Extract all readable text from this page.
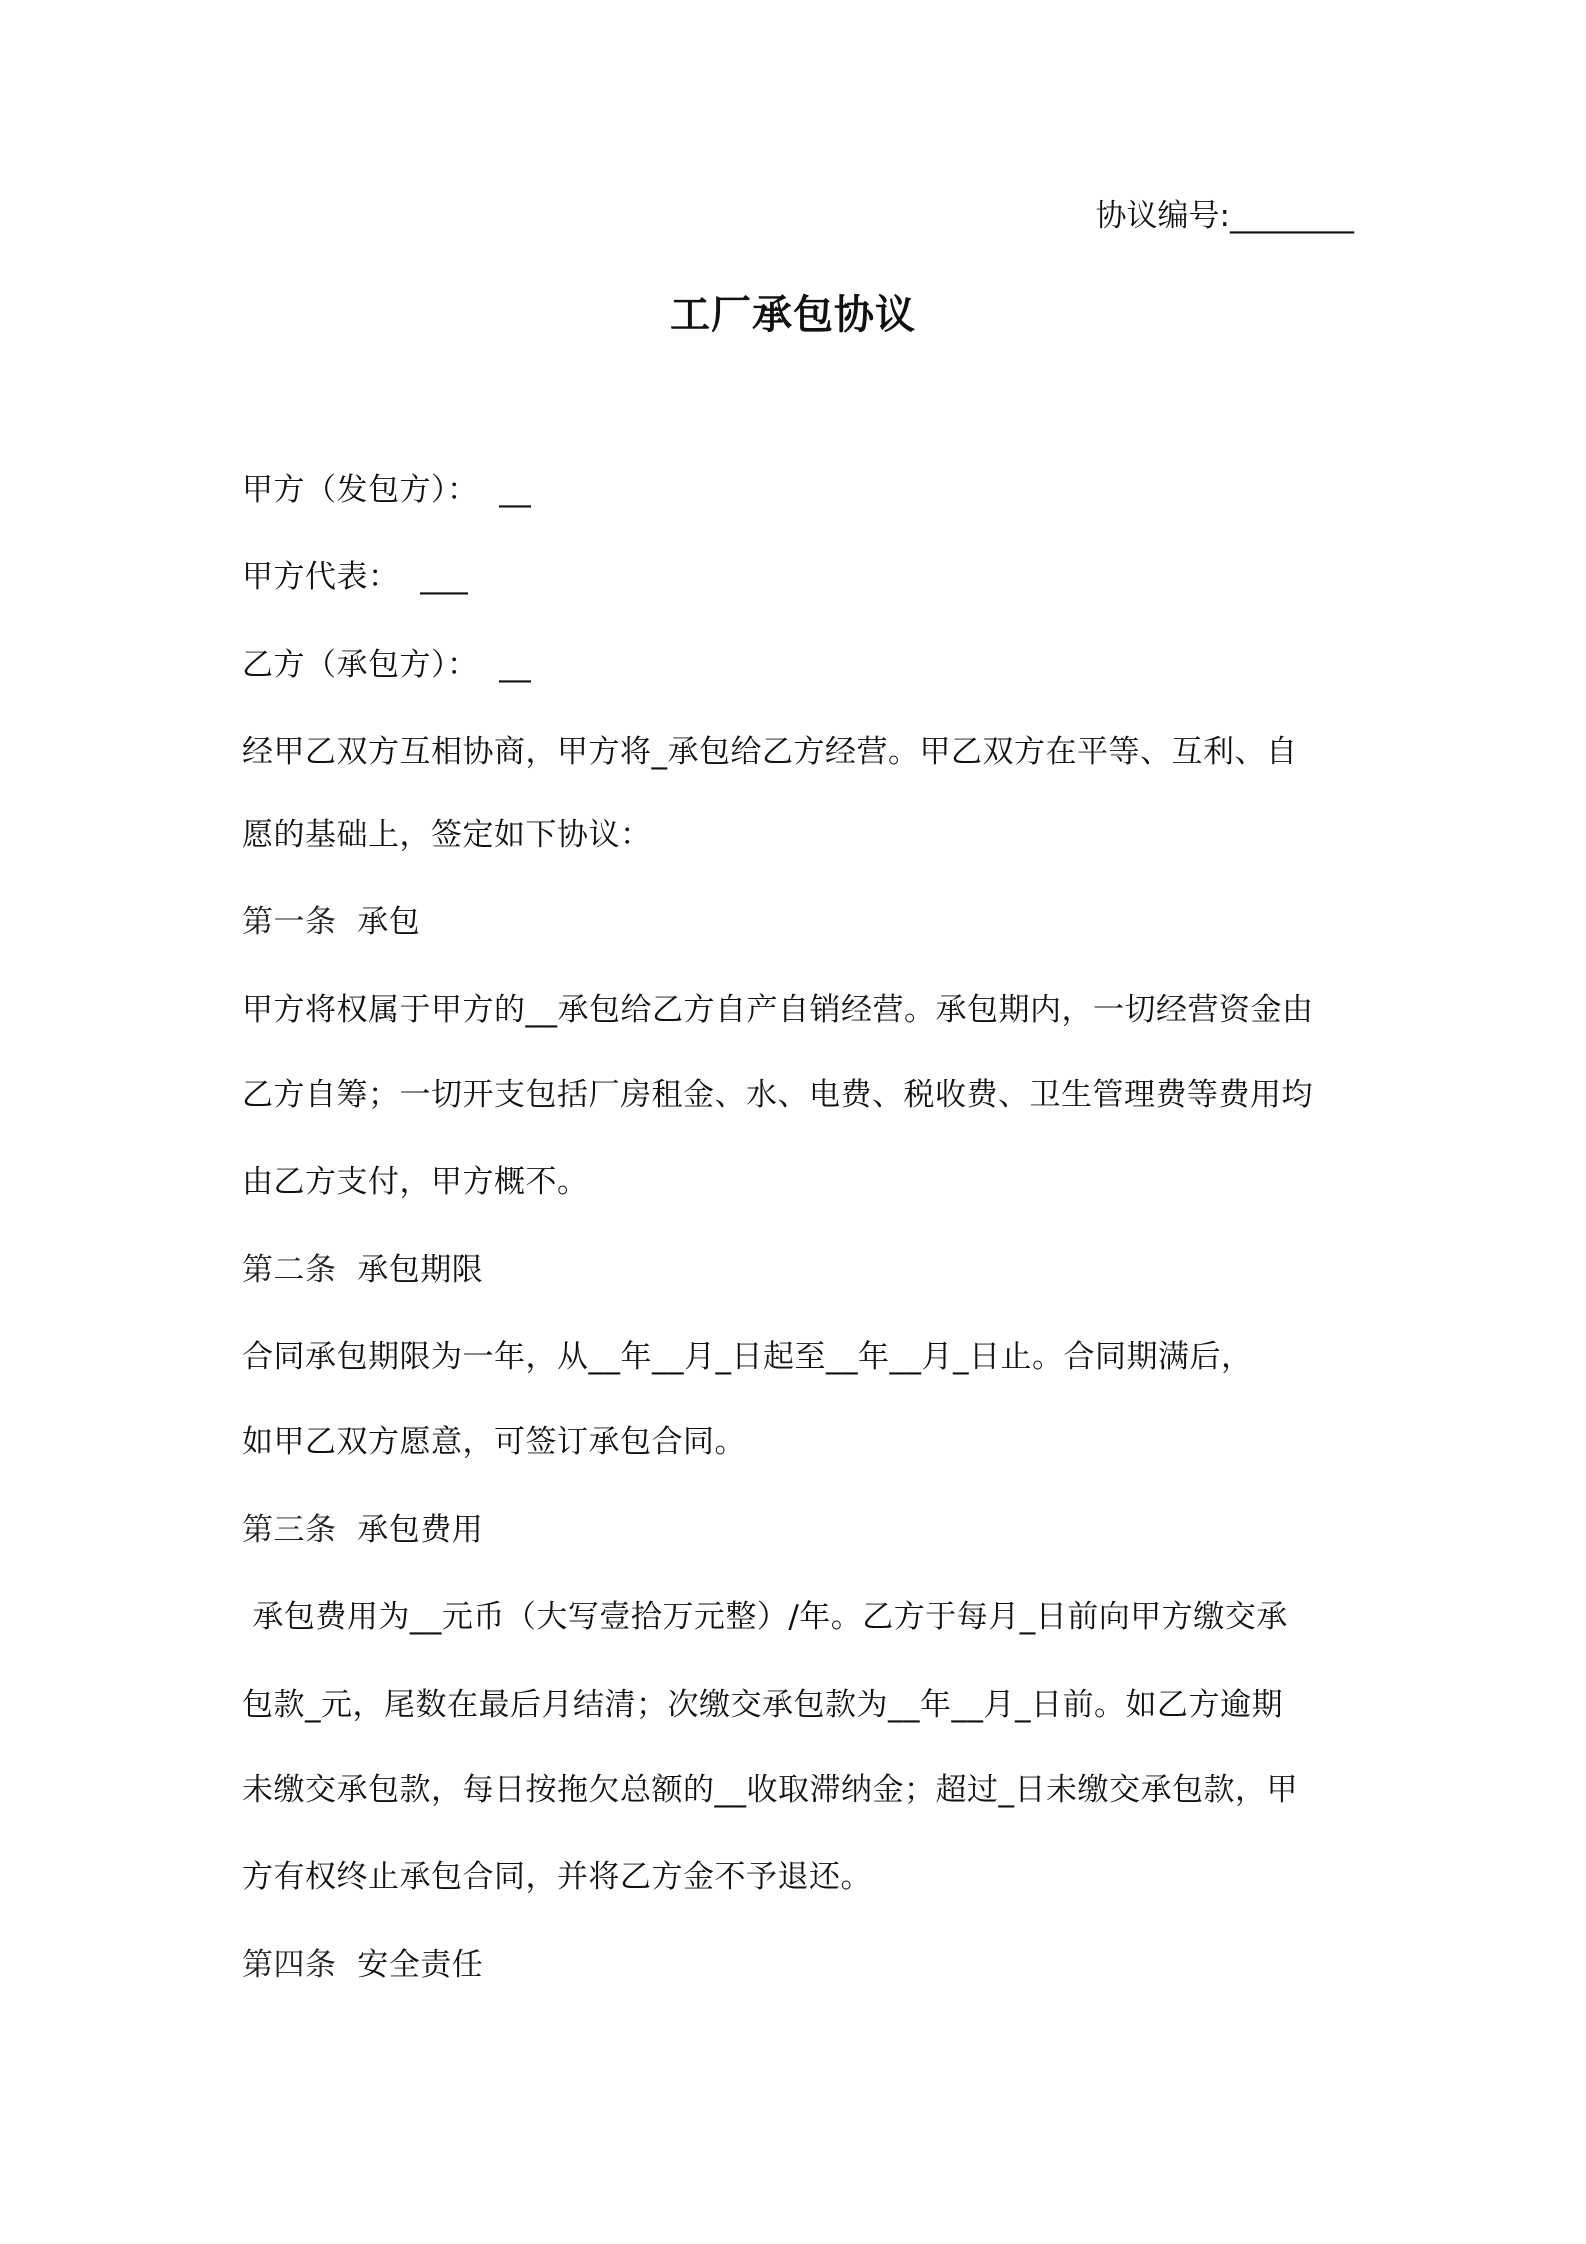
协议编号:________
工厂承包协议
甲方（发包方）：  __
甲方代表：  ___
乙方（承包方）：  __
经甲乙双方互相协商，甲方将_承包给乙方经营。甲乙双方在平等、互利、自
愿的基础上，签定如下协议：
第一条 承包
甲方将权属于甲方的__承包给乙方自产自销经营。承包期内，一切经营资金由
乙方自筹；一切开支包括厂房租金、水、电费、税收费、卫生管理费等费用均
由乙方支付，甲方概不。
第二条 承包期限
合同承包期限为一年，从__年__月_日起至__年__月_日止。合同期满后，
如甲乙双方愿意，可签订承包合同。
第三条 承包费用
承包费用为__元币（大写壹拾万元整）/年。乙方于每月_日前向甲方缴交承
包款_元，尾数在最后月结清；次缴交承包款为__年__月_日前。如乙方逾期
未缴交承包款，每日按拖欠总额的__收取滞纳金；超过_日未缴交承包款，甲
方有权终止承包合同，并将乙方金不予退还。
第四条 安全责任
